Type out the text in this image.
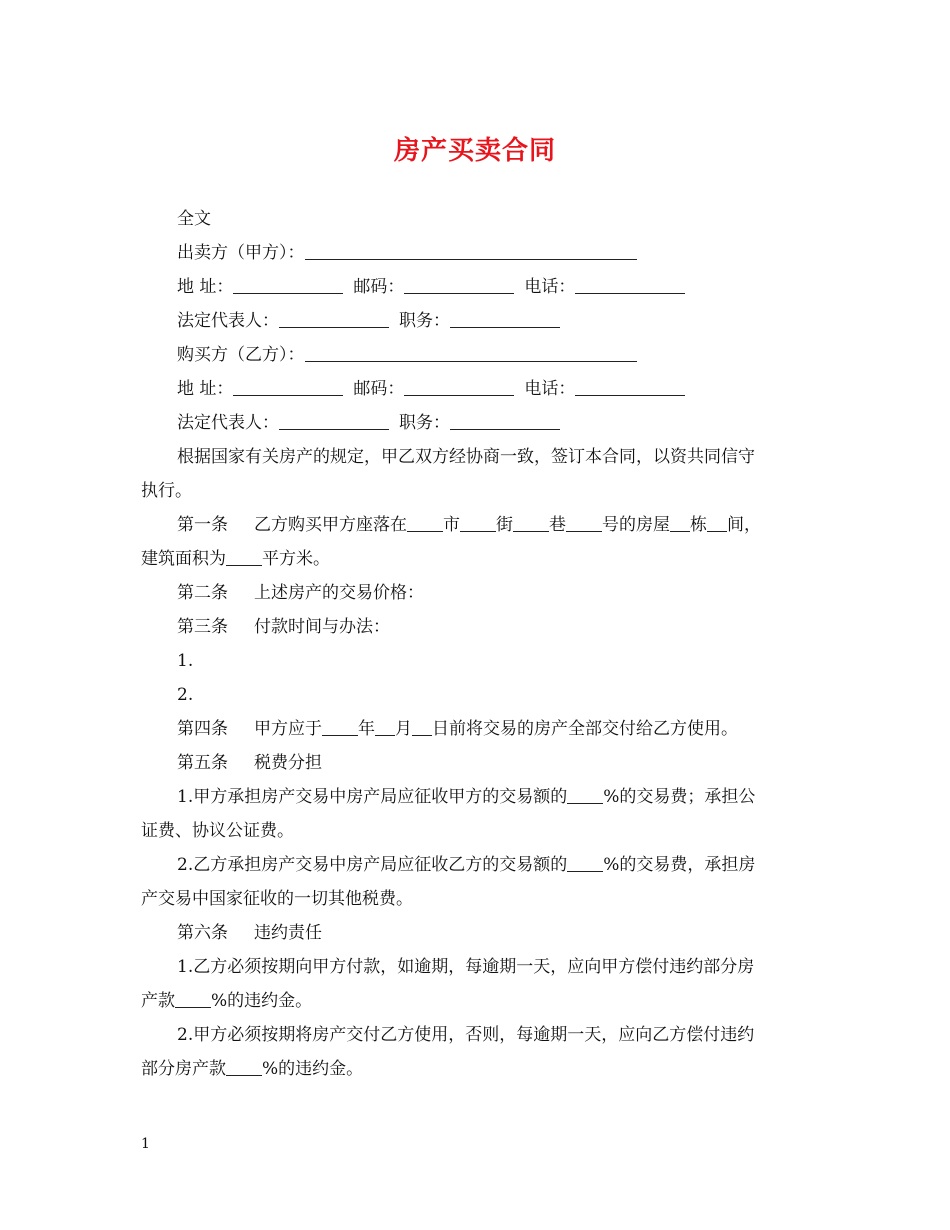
房产买卖合同
全文
出卖方（甲方）：
地 址：	邮码：	电话：
法定代表人：	职务：
购买方（乙方）：
地 址：	邮码：	电话：
法定代表人：	职务：
根据国家有关房产的规定，甲乙双方经协商一致，签订本合同，以资共同信守
执行。
第一条 乙方购买甲方座落在 市 街 巷 号的房屋 栋 间，
建筑面积为 平方米。
第二条 上述房产的交易价格：
第三条 付款时间与办法：
1.
2.
第四条 甲方应于 年 月 日前将交易的房产全部交付给乙方使用。
第五条 税费分担
1.甲方承担房产交易中房产局应征收甲方的交易额的 %的交易费；承担公
证费、协议公证费。
2.乙方承担房产交易中房产局应征收乙方的交易额的 %的交易费，承担房
产交易中国家征收的一切其他税费。
第六条 违约责任
1.乙方必须按期向甲方付款，如逾期，每逾期一天，应向甲方偿付违约部分房
产款 %的违约金。
2.甲方必须按期将房产交付乙方使用，否则，每逾期一天，应向乙方偿付违约
部分房产款 %的违约金。
1
